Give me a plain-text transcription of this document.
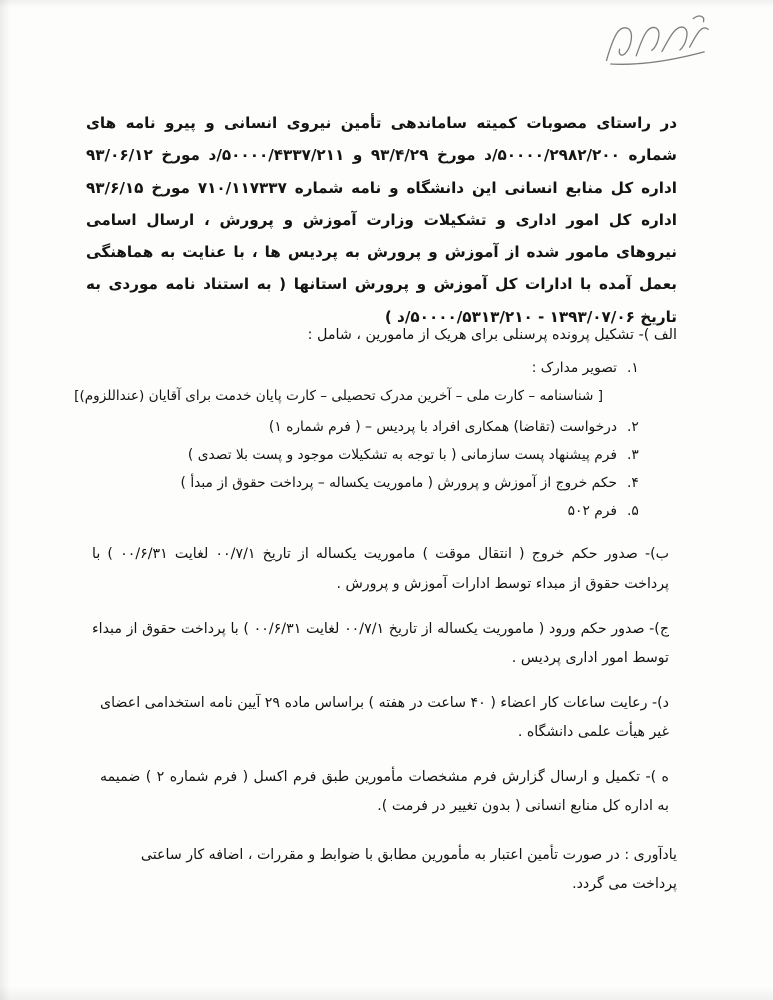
در راستای مصوبات کمیته ساماندهی تأمین نیروی انسانی و پیرو نامه های شماره ۵۰۰۰۰/۲۹۸۲/۲۰۰/د مورخ ۹۳/۴/۲۹ و ۵۰۰۰۰/۴۳۳۷/۲۱۱/د مورخ ۹۳/۰۶/۱۲ اداره کل منابع انسانی این دانشگاه و نامه شماره ۷۱۰/۱۱۷۳۳۷ مورخ ۹۳/۶/۱۵ اداره کل امور اداری و تشکیلات وزارت آموزش و پرورش ، ارسال اسامی نیروهای مامور شده از آموزش و پرورش به پردیس ها ، با عنایت به هماهنگی بعمل آمده با ادارات کل آموزش و پرورش استانها ( به استناد نامه موردی به تاریخ ۱۳۹۳/۰۷/۰۶ - ۵۰۰۰۰/۵۳۱۳/۲۱۰/د )

الف )- تشکیل پرونده پرسنلی برای هریک از مامورین ، شامل :

۱.
تصویر مدارک :

[ شناسنامه – کارت ملی – آخرین مدرک تحصیلی – کارت پایان خدمت برای آقایان (عنداللزوم)]

۲.
درخواست (تقاضا) همکاری افراد با پردیس – ( فرم شماره ۱)
۳.
فرم پیشنهاد پست سازمانی ( با توجه به تشکیلات موجود و پست بلا تصدی )
۴.
حکم خروج از آموزش و پرورش ( ماموریت یکساله – پرداخت حقوق از مبدأ )
۵.
فرم ۵۰۲

ب)- صدور حکم خروج ( انتقال موقت ) ماموریت یکساله از تاریخ ۰۰/۷/۱ لغایت ۰۰/۶/۳۱ ) با پرداخت حقوق از مبداء توسط ادارات آموزش و پرورش .

ج)- صدور حکم ورود ( ماموریت یکساله از تاریخ ۰۰/۷/۱ لغایت ۰۰/۶/۳۱ ) با پرداخت حقوق از مبداء توسط امور اداری پردیس .

د)- رعایت ساعات کار اعضاء ( ۴۰ ساعت در هفته ) براساس ماده ۲۹ آیین نامه استخدامی اعضای غیر هیأت علمی دانشگاه .

ه )- تکمیل و ارسال گزارش فرم مشخصات مأمورین طبق فرم اکسل ( فرم شماره ۲ ) ضمیمه به اداره کل منابع انسانی ( بدون تغییر در فرمت ).

یادآوری : در صورت تأمین اعتبار به مأمورین مطابق با ضوابط و مقررات ، اضافه کار ساعتی پرداخت می گردد.
